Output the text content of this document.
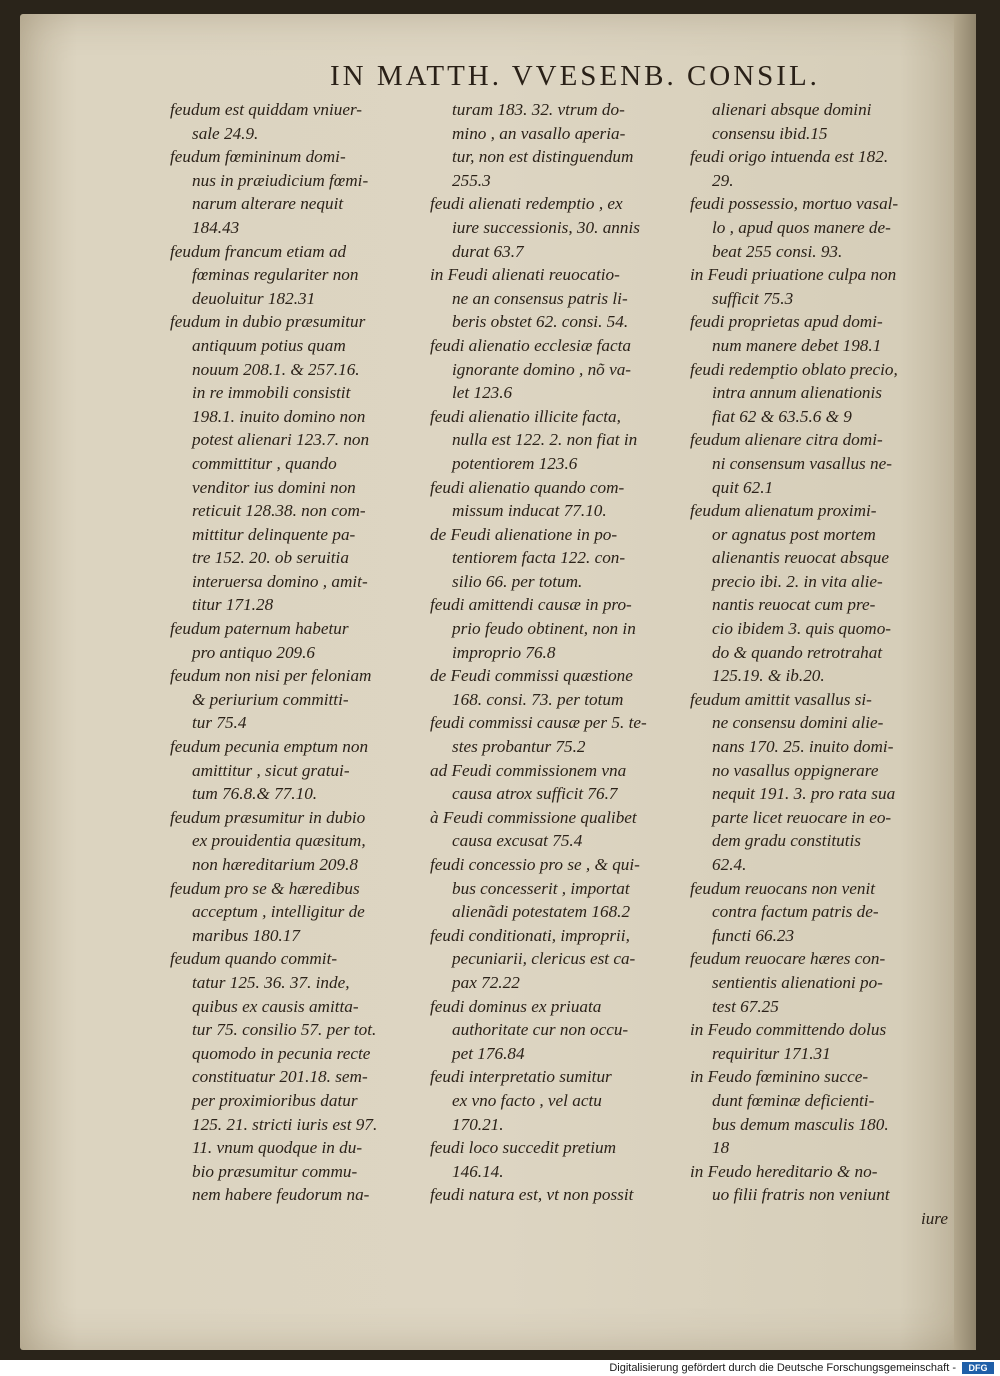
IN MATTH. VVESENB. CONSIL.
feudum est quiddam vniuer-
sale 24.9.
feudum fœmininum domi-
nus in præiudicium fœmi-
narum alterare nequit
184.43
feudum francum etiam ad
fœminas regulariter non
deuoluitur 182.31
feudum in dubio præsumitur
antiquum potius quam
nouum 208.1. & 257.16.
in re immobili consistit
198.1. inuito domino non
potest alienari 123.7. non
committitur , quando
venditor ius domini non
reticuit 128.38. non com-
mittitur delinquente pa-
tre 152. 20. ob seruitia
interuersa domino , amit-
titur 171.28
feudum paternum habetur
pro antiquo 209.6
feudum non nisi per feloniam
& periurium committi-
tur 75.4
feudum pecunia emptum non
amittitur , sicut gratui-
tum 76.8.& 77.10.
feudum præsumitur in dubio
ex prouidentia quæsitum,
non hæreditarium 209.8
feudum pro se & hæredibus
acceptum , intelligitur de
maribus 180.17
feudum quando commit-
tatur 125. 36. 37. inde,
quibus ex causis amitta-
tur 75. consilio 57. per tot.
quomodo in pecunia recte
constituatur 201.18. sem-
per proximioribus datur
125. 21. stricti iuris est 97.
11. vnum quodque in du-
bio præsumitur commu-
nem habere feudorum na-
turam 183. 32. vtrum do-
mino , an vasallo aperia-
tur, non est distinguendum
255.3
feudi alienati redemptio , ex
iure successionis, 30. annis
durat 63.7
in Feudi alienati reuocatio-
ne an consensus patris li-
beris obstet 62. consi. 54.
feudi alienatio ecclesiæ facta
ignorante domino , nõ va-
let 123.6
feudi alienatio illicite facta,
nulla est 122. 2. non fiat in
potentiorem 123.6
feudi alienatio quando com-
missum inducat 77.10.
de Feudi alienatione in po-
tentiorem facta 122. con-
silio 66. per totum.
feudi amittendi causæ in pro-
prio feudo obtinent, non in
improprio 76.8
de Feudi commissi quæstione
168. consi. 73. per totum
feudi commissi causæ per 5. te-
stes probantur 75.2
ad Feudi commissionem vna
causa atrox sufficit 76.7
à Feudi commissione qualibet
causa excusat 75.4
feudi concessio pro se , & qui-
bus concesserit , importat
alienãdi potestatem 168.2
feudi conditionati, improprii,
pecuniarii, clericus est ca-
pax 72.22
feudi dominus ex priuata
authoritate cur non occu-
pet 176.84
feudi interpretatio sumitur
ex vno facto , vel actu
170.21.
feudi loco succedit pretium
146.14.
feudi natura est, vt non possit
alienari absque domini
consensu ibid.15
feudi origo intuenda est 182.
29.
feudi possessio, mortuo vasal-
lo , apud quos manere de-
beat 255 consi. 93.
in Feudi priuatione culpa non
sufficit 75.3
feudi proprietas apud domi-
num manere debet 198.1
feudi redemptio oblato precio,
intra annum alienationis
fiat 62 & 63.5.6 & 9
feudum alienare citra domi-
ni consensum vasallus ne-
quit 62.1
feudum alienatum proximi-
or agnatus post mortem
alienantis reuocat absque
precio ibi. 2. in vita alie-
nantis reuocat cum pre-
cio ibidem 3. quis quomo-
do & quando retrotrahat
125.19. & ib.20.
feudum amittit vasallus si-
ne consensu domini alie-
nans 170. 25. inuito domi-
no vasallus oppignerare
nequit 191. 3. pro rata sua
parte licet reuocare in eo-
dem gradu constitutis
62.4.
feudum reuocans non venit
contra factum patris de-
functi 66.23
feudum reuocare hæres con-
sentientis alienationi po-
test 67.25
in Feudo committendo dolus
requiritur 171.31
in Feudo fœminino succe-
dunt fœminæ deficienti-
bus demum masculis 180.
18
in Feudo hereditario & no-
uo filii fratris non veniunt
iure
Digitalisierung gefördert durch die Deutsche Forschungsgemeinschaft -	DFG
